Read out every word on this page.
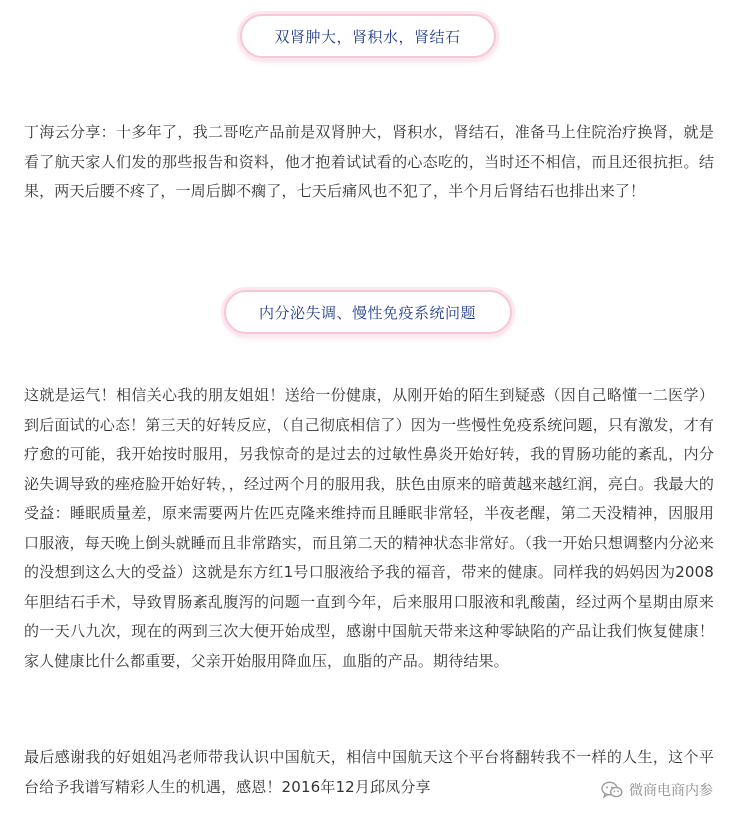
双肾肿大，肾积水，肾结石

丁海云分享：十多年了，我二哥吃产品前是双肾肿大，肾积水，肾结石，准备马上住院治疗换肾，就是看了航天家人们发的那些报告和资料，他才抱着试试看的心态吃的，当时还不相信，而且还很抗拒。结果，两天后腰不疼了，一周后脚不瘸了，七天后痛风也不犯了，半个月后肾结石也排出来了！

内分泌失调、慢性免疫系统问题

这就是运气！相信关心我的朋友姐姐！送给一份健康，从刚开始的陌生到疑惑（因自己略懂一二医学）到后面试的心态！第三天的好转反应，（自己彻底相信了）因为一些慢性免疫系统问题，只有激发，才有疗愈的可能，我开始按时服用，另我惊奇的是过去的过敏性鼻炎开始好转，我的胃肠功能的紊乱，内分泌失调导致的痤疮脸开始好转，，经过两个月的服用我，肤色由原来的暗黄越来越红润，亮白。我最大的受益：睡眠质量差，原来需要两片佐匹克隆来维持而且睡眠非常轻，半夜老醒，第二天没精神，因服用口服液，每天晚上倒头就睡而且非常踏实，而且第二天的精神状态非常好。（我一开始只想调整内分泌来的没想到这么大的受益）这就是东方红1号口服液给予我的福音，带来的健康。同样我的妈妈因为2008年胆结石手术，导致胃肠紊乱腹泻的问题一直到今年，后来服用口服液和乳酸菌，经过两个星期由原来的一天八九次，现在的两到三次大便开始成型，感谢中国航天带来这种零缺陷的产品让我们恢复健康！家人健康比什么都重要，父亲开始服用降血压，血脂的产品。期待结果。

最后感谢我的好姐姐冯老师带我认识中国航天，相信中国航天这个平台将翻转我不一样的人生，这个平台给予我谱写精彩人生的机遇，感恩！2016年12月邱凤分享	微商电商内参
